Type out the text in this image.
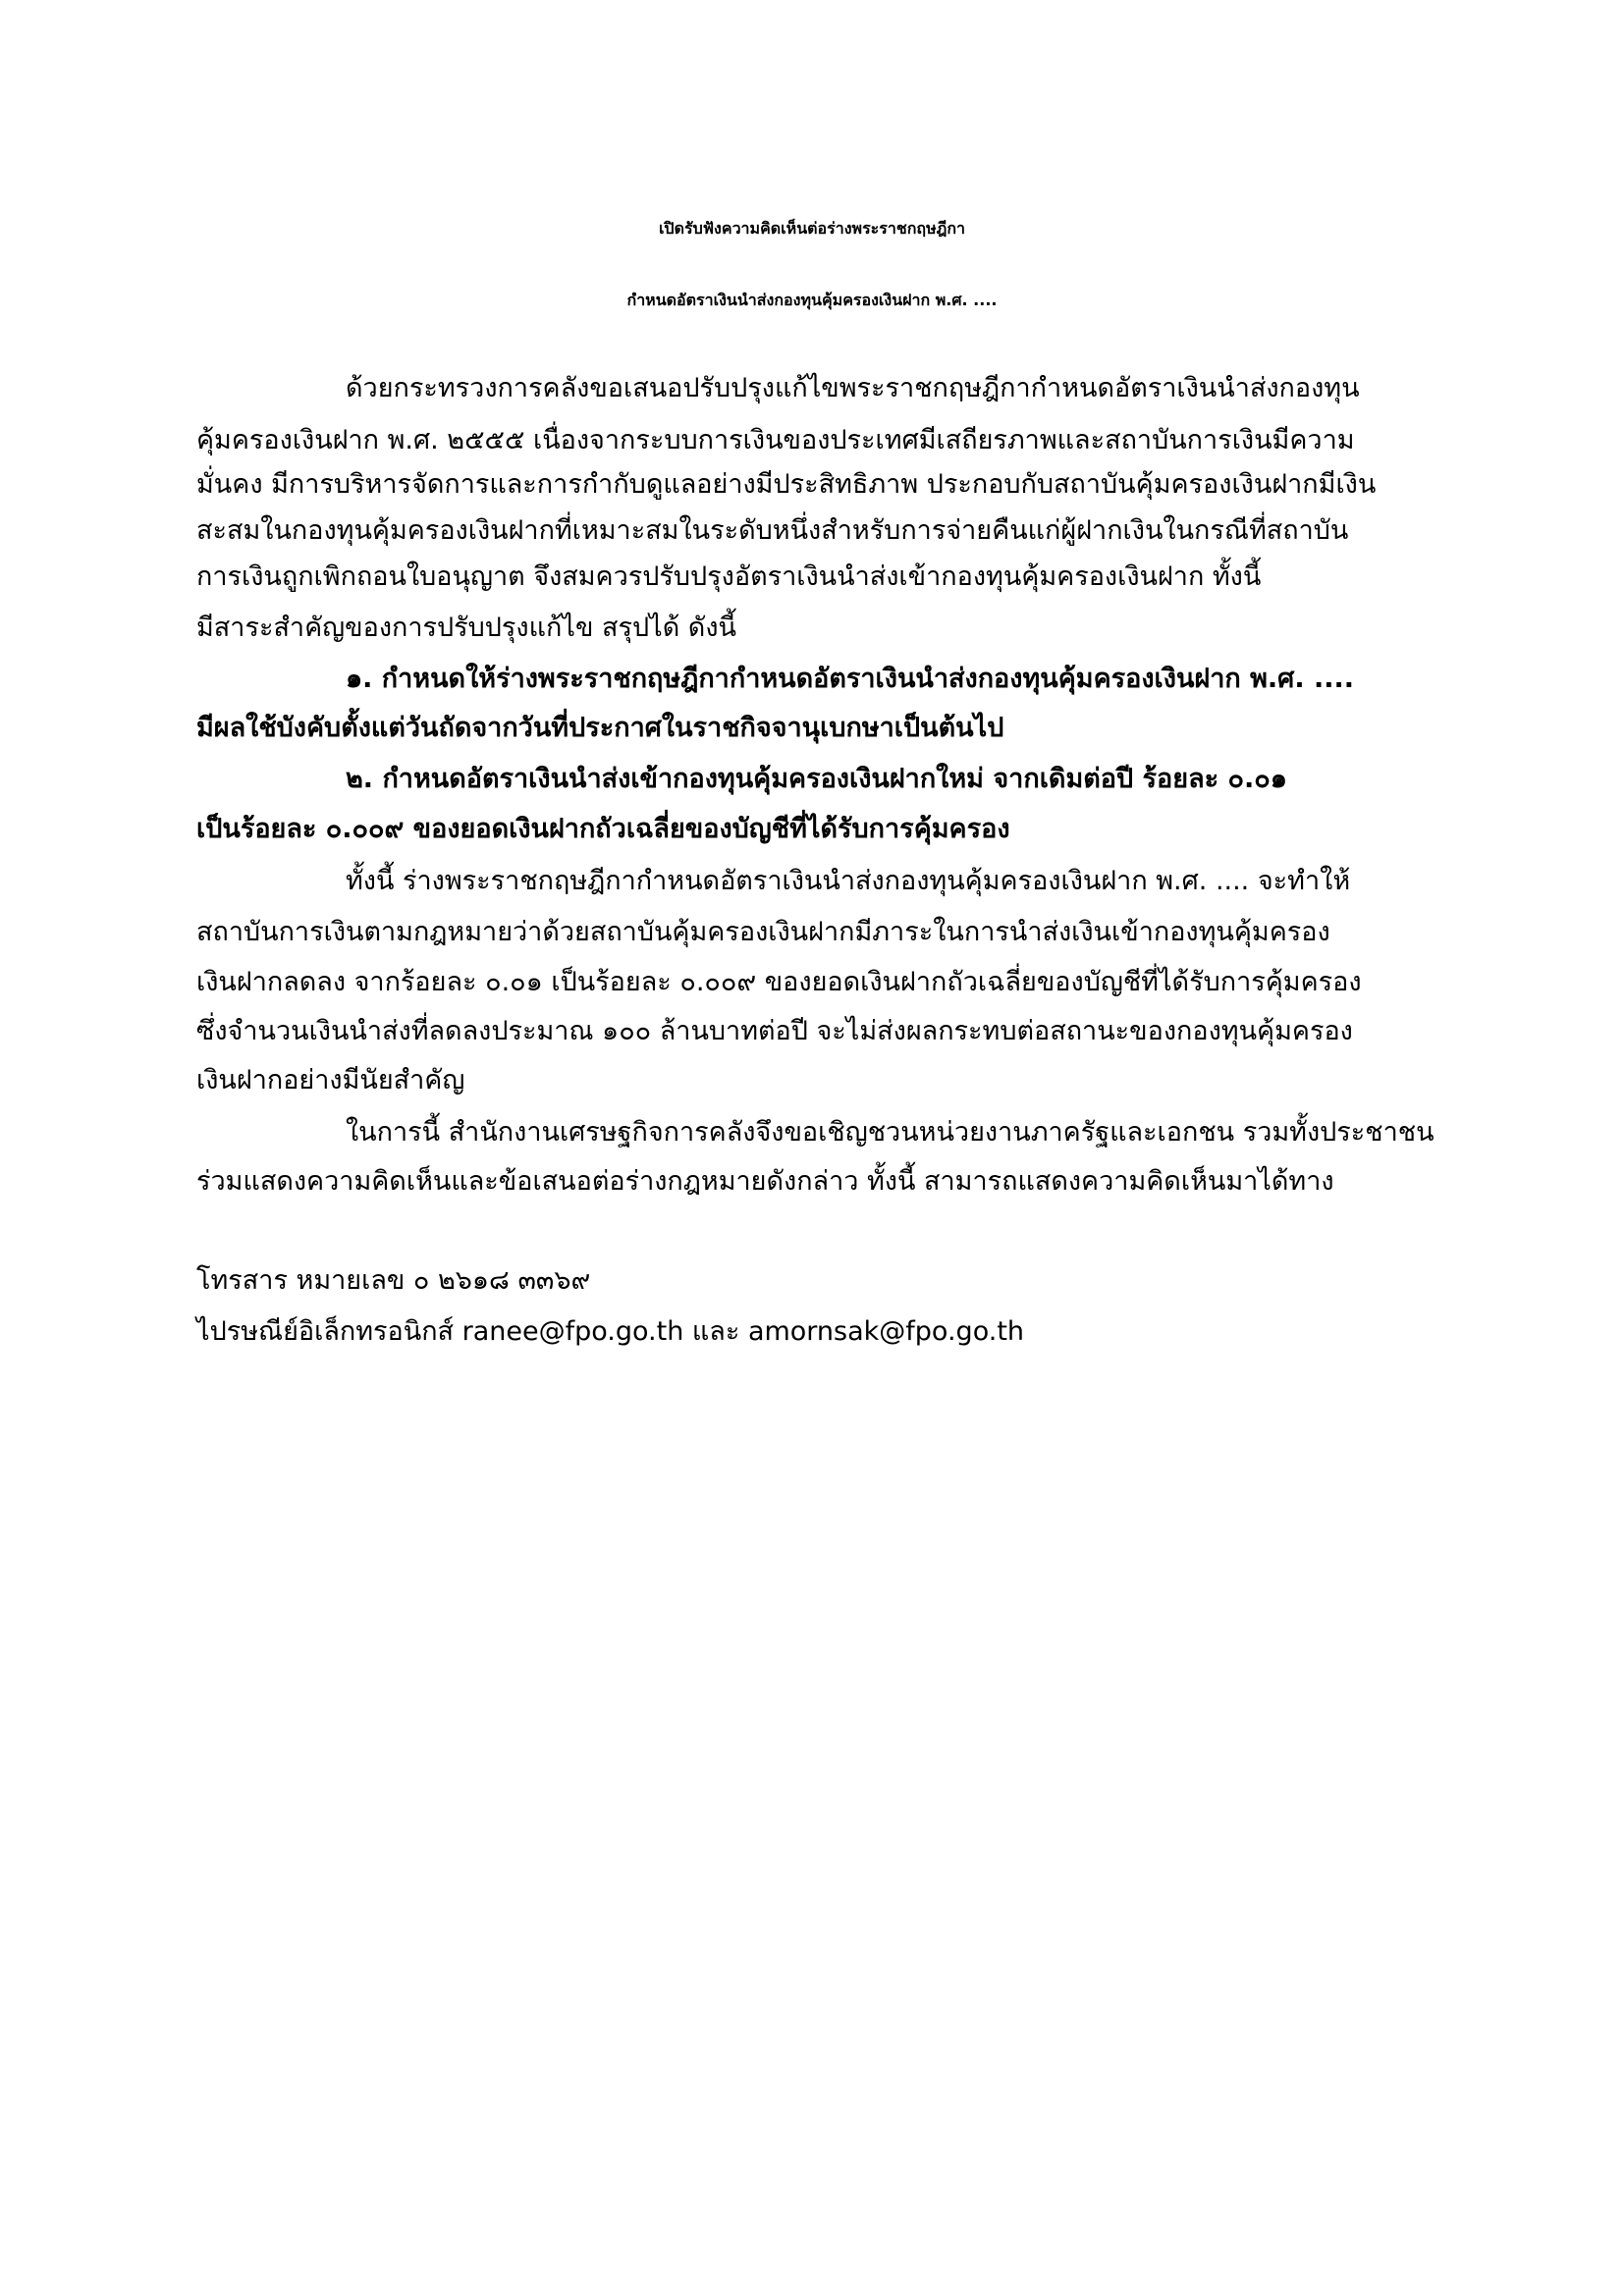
เปิดรับฟังความคิดเห็นต่อร่างพระราชกฤษฎีกา
กำหนดอัตราเงินนำส่งกองทุนคุ้มครองเงินฝาก พ.ศ. ....
ด้วยกระทรวงการคลังขอเสนอปรับปรุงแก้ไขพระราชกฤษฎีกากำหนดอัตราเงินนำส่งกองทุน
คุ้มครองเงินฝาก พ.ศ. ๒๕๕๕ เนื่องจากระบบการเงินของประเทศมีเสถียรภาพและสถาบันการเงินมีความ
มั่นคง มีการบริหารจัดการและการกำกับดูแลอย่างมีประสิทธิภาพ ประกอบกับสถาบันคุ้มครองเงินฝากมีเงิน
สะสมในกองทุนคุ้มครองเงินฝากที่เหมาะสมในระดับหนึ่งสำหรับการจ่ายคืนแก่ผู้ฝากเงินในกรณีที่สถาบัน
การเงินถูกเพิกถอนใบอนุญาต จึงสมควรปรับปรุงอัตราเงินนำส่งเข้ากองทุนคุ้มครองเงินฝาก ทั้งนี้
มีสาระสำคัญของการปรับปรุงแก้ไข สรุปได้ ดังนี้
๑. กำหนดให้ร่างพระราชกฤษฎีกากำหนดอัตราเงินนำส่งกองทุนคุ้มครองเงินฝาก พ.ศ. ....
มีผลใช้บังคับตั้งแต่วันถัดจากวันที่ประกาศในราชกิจจานุเบกษาเป็นต้นไป
๒. กำหนดอัตราเงินนำส่งเข้ากองทุนคุ้มครองเงินฝากใหม่ จากเดิมต่อปี ร้อยละ ๐.๐๑
เป็นร้อยละ ๐.๐๐๙ ของยอดเงินฝากถัวเฉลี่ยของบัญชีที่ได้รับการคุ้มครอง
ทั้งนี้ ร่างพระราชกฤษฎีกากำหนดอัตราเงินนำส่งกองทุนคุ้มครองเงินฝาก พ.ศ. .... จะทำให้
สถาบันการเงินตามกฎหมายว่าด้วยสถาบันคุ้มครองเงินฝากมีภาระในการนำส่งเงินเข้ากองทุนคุ้มครอง
เงินฝากลดลง จากร้อยละ ๐.๐๑ เป็นร้อยละ ๐.๐๐๙ ของยอดเงินฝากถัวเฉลี่ยของบัญชีที่ได้รับการคุ้มครอง
ซึ่งจำนวนเงินนำส่งที่ลดลงประมาณ ๑๐๐ ล้านบาทต่อปี จะไม่ส่งผลกระทบต่อสถานะของกองทุนคุ้มครอง
เงินฝากอย่างมีนัยสำคัญ
ในการนี้ สำนักงานเศรษฐกิจการคลังจึงขอเชิญชวนหน่วยงานภาครัฐและเอกชน รวมทั้งประชาชน
ร่วมแสดงความคิดเห็นและข้อเสนอต่อร่างกฎหมายดังกล่าว ทั้งนี้ สามารถแสดงความคิดเห็นมาได้ทาง
โทรสาร หมายเลข ๐ ๒๖๑๘ ๓๓๖๙
ไปรษณีย์อิเล็กทรอนิกส์ ranee@fpo.go.th และ amornsak@fpo.go.th
